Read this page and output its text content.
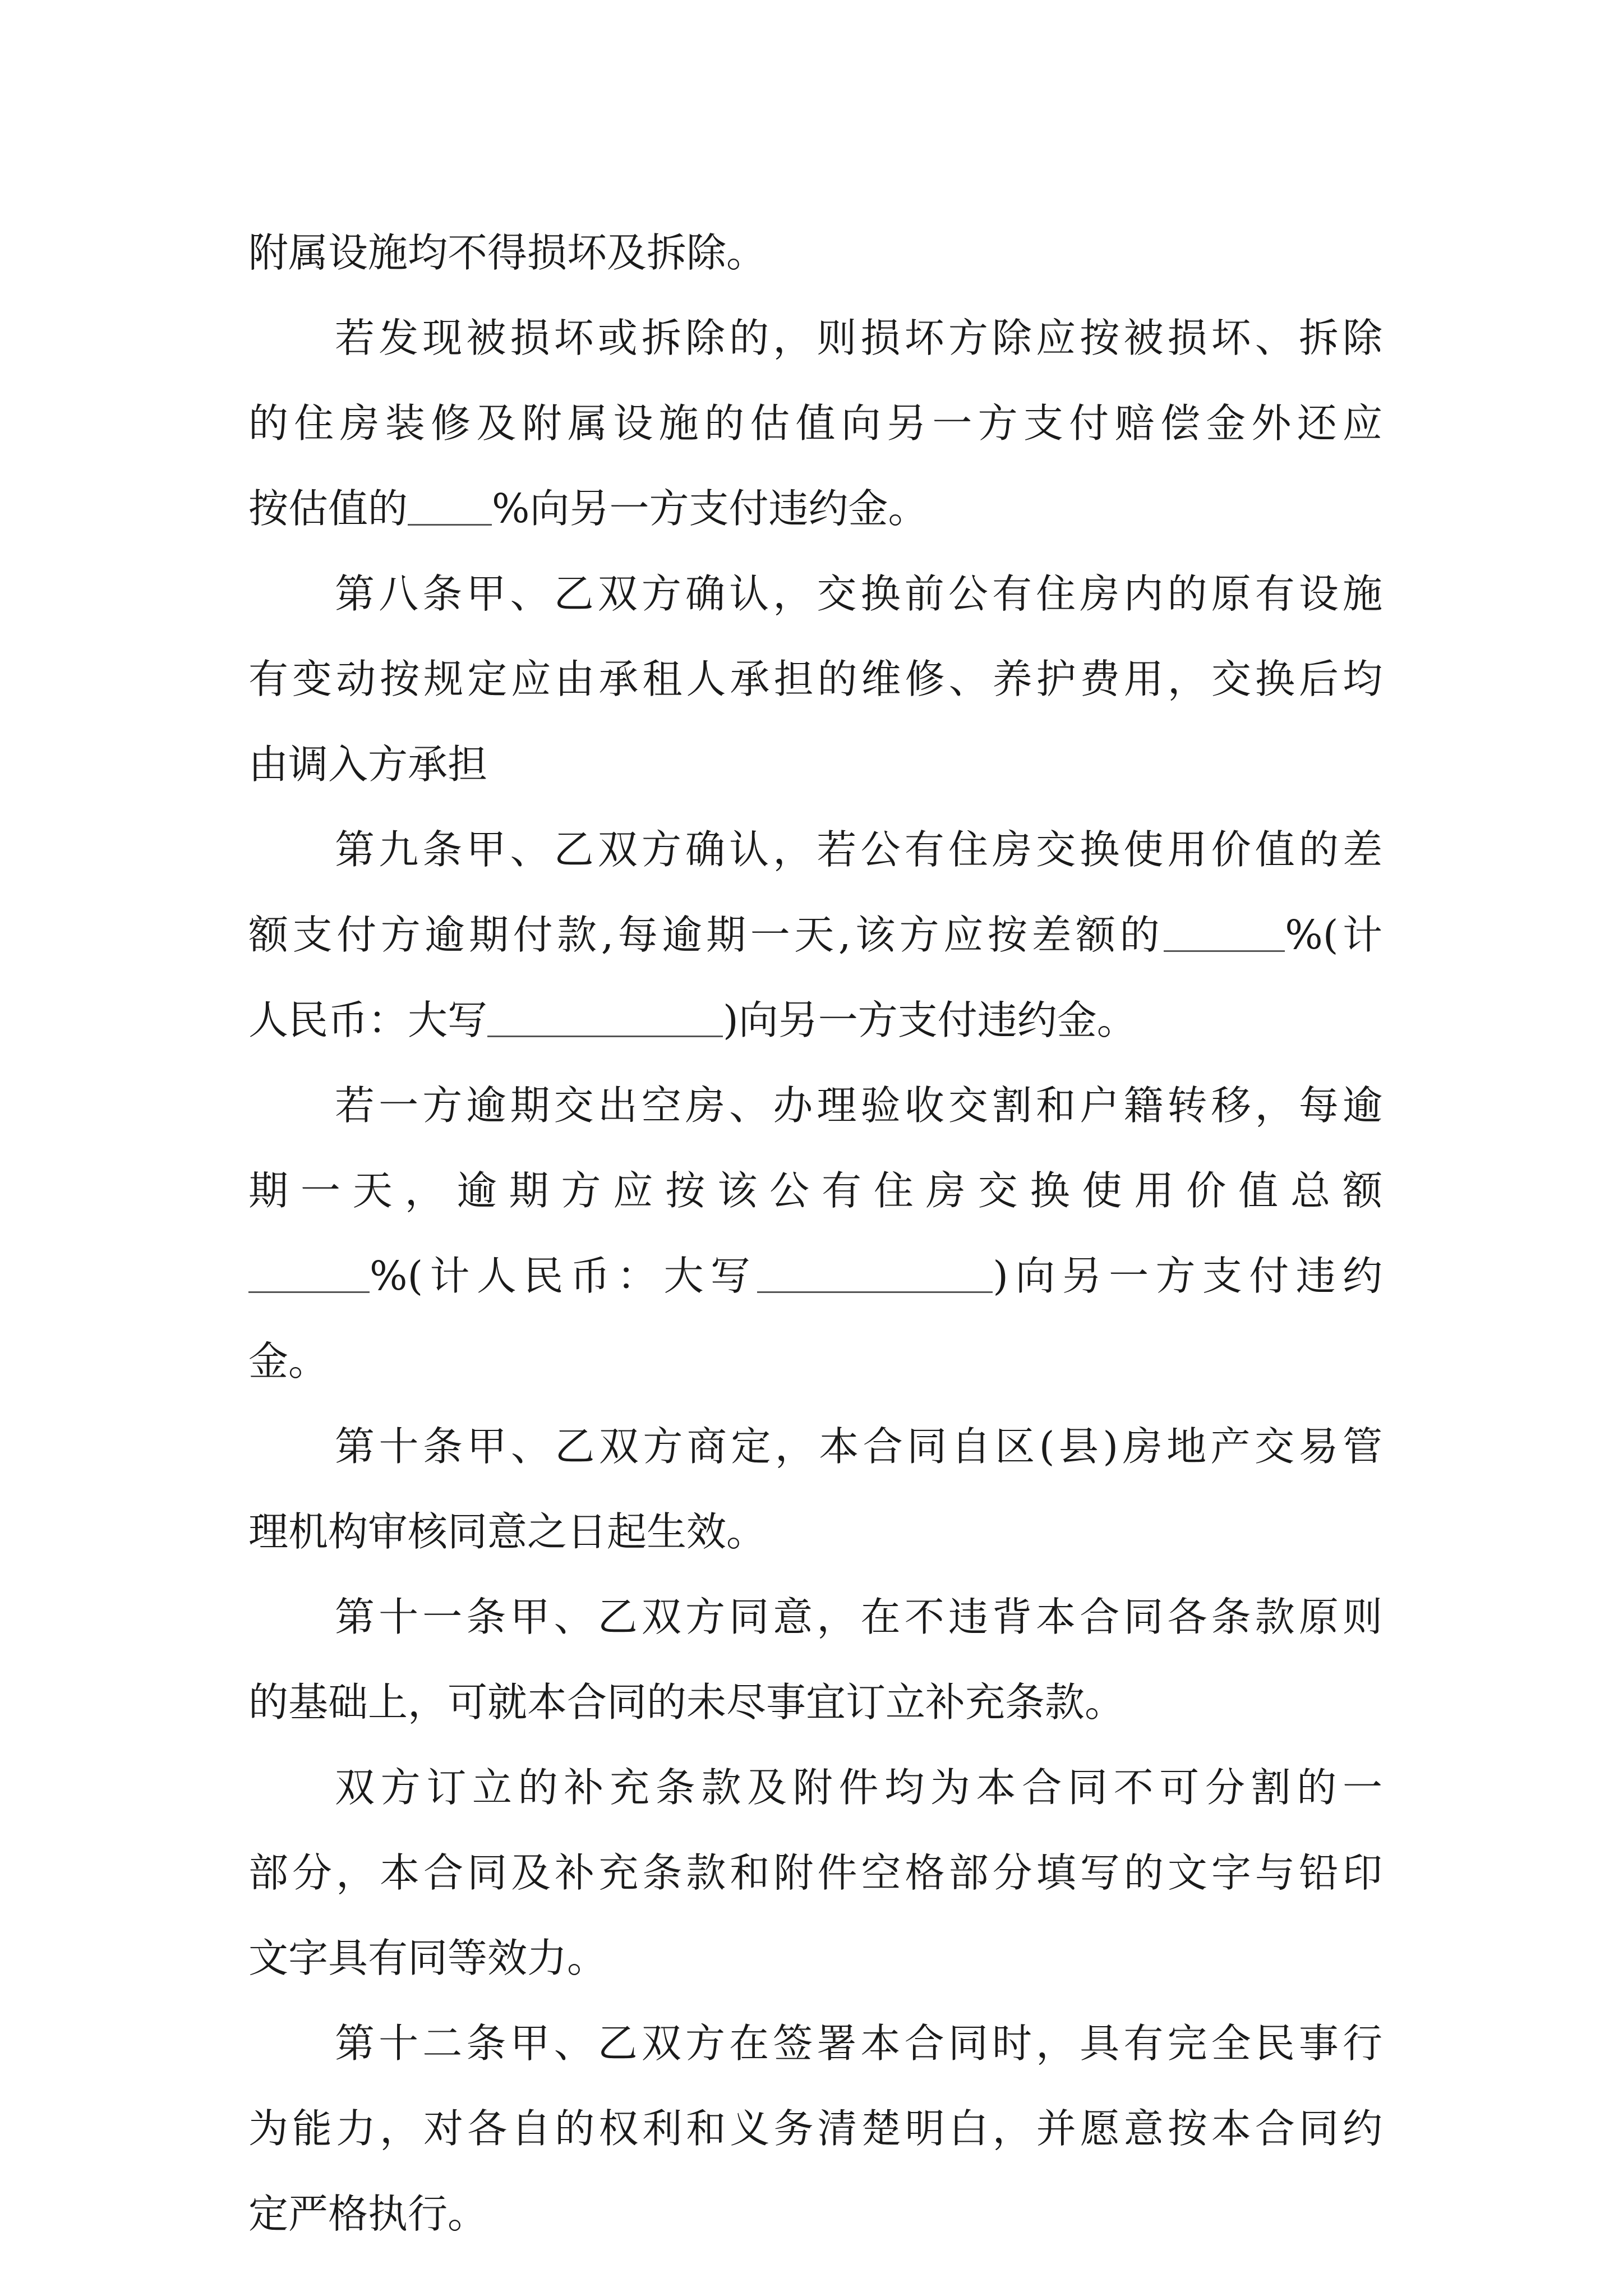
附属设施均不得损坏及拆除。
若发现被损坏或拆除的，则损坏方除应按被损坏、拆除
的住房装修及附属设施的估值向另一方支付赔偿金外还应
按估值的 %向另一方支付违约金。
第八条甲、乙双方确认，交换前公有住房内的原有设施
有变动按规定应由承租人承担的维修、养护费用，交换后均
由调入方承担
第九条甲、乙双方确认，若公有住房交换使用价值的差
额支付方逾期付款,每逾期一天,该方应按差额的	%(计
人民币：大写	)向另一方支付违约金。
若一方逾期交出空房、办理验收交割和户籍转移，每逾
期一天，逾期方应按该公有住房交换使用价值总额
%(计人民币：大写	)向另一方支付违约
金。
第十条甲、乙双方商定，本合同自区(县)房地产交易管
理机构审核同意之日起生效。
第十一条甲、乙双方同意，在不违背本合同各条款原则
的基础上，可就本合同的未尽事宜订立补充条款。
双方订立的补充条款及附件均为本合同不可分割的一
部分，本合同及补充条款和附件空格部分填写的文字与铅印
文字具有同等效力。
第十二条甲、乙双方在签署本合同时，具有完全民事行
为能力，对各自的权利和义务清楚明白，并愿意按本合同约
定严格执行。
